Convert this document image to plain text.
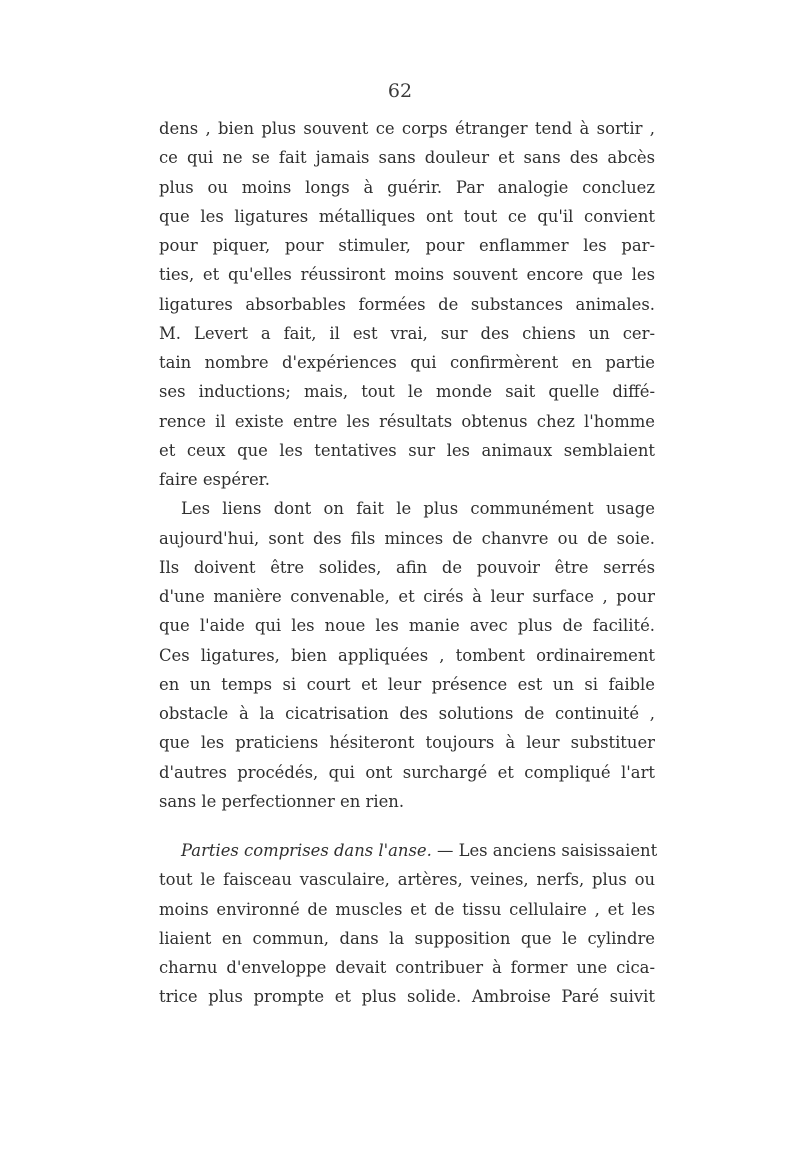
62

dens , bien plus souvent ce corps étranger tend à sortir ,
ce qui ne se fait jamais sans douleur et sans des abcès
plus ou moins longs à guérir. Par analogie concluez
que les ligatures métalliques ont tout ce qu'il convient
pour piquer, pour stimuler, pour enflammer les par-
ties, et qu'elles réussiront moins souvent encore que les
ligatures absorbables formées de substances animales.
M. Levert a fait, il est vrai, sur des chiens un cer-
tain nombre d'expériences qui confirmèrent en partie
ses inductions; mais, tout le monde sait quelle diffé-
rence il existe entre les résultats obtenus chez l'homme
et ceux que les tentatives sur les animaux semblaient
faire espérer.

Les liens dont on fait le plus communément usage
aujourd'hui, sont des fils minces de chanvre ou de soie.
Ils doivent être solides, afin de pouvoir être serrés
d'une manière convenable, et cirés à leur surface , pour
que l'aide qui les noue les manie avec plus de facilité.
Ces ligatures, bien appliquées , tombent ordinairement
en un temps si court et leur présence est un si faible
obstacle à la cicatrisation des solutions de continuité ,
que les praticiens hésiteront toujours à leur substituer
d'autres procédés, qui ont surchargé et compliqué l'art
sans le perfectionner en rien.

Parties comprises dans l'anse. — Les anciens saisissaient
tout le faisceau vasculaire, artères, veines, nerfs, plus ou
moins environné de muscles et de tissu cellulaire , et les
liaient en commun, dans la supposition que le cylindre
charnu d'enveloppe devait contribuer à former une cica-
trice plus prompte et plus solide. Ambroise Paré suivit
